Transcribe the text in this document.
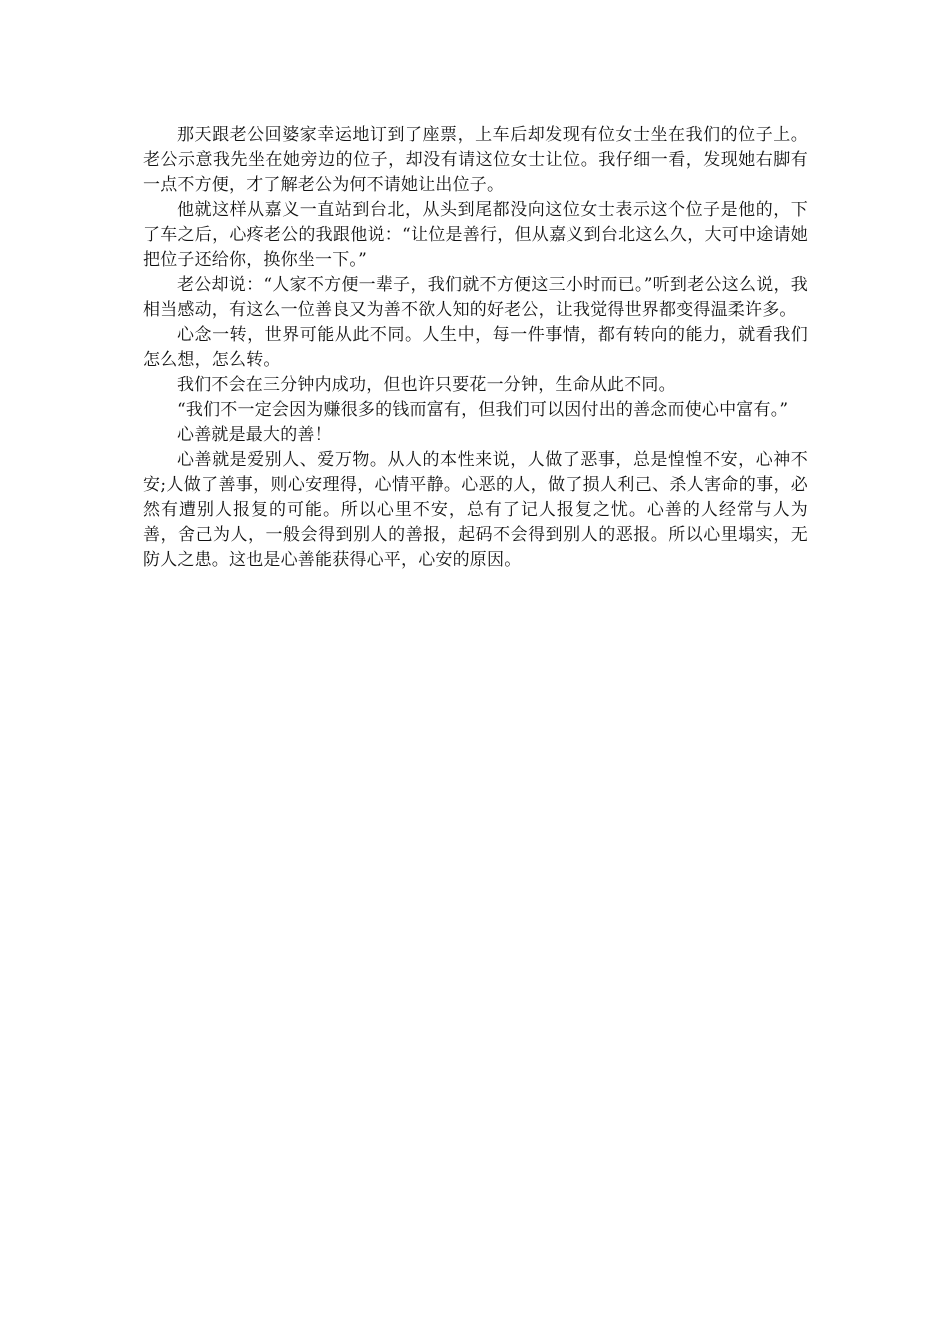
那天跟老公回婆家幸运地订到了座票，上车后却发现有位女士坐在我们的位子上。老公示意我先坐在她旁边的位子，却没有请这位女士让位。我仔细一看，发现她右脚有一点不方便，才了解老公为何不请她让出位子。

他就这样从嘉义一直站到台北，从头到尾都没向这位女士表示这个位子是他的，下了车之后，心疼老公的我跟他说：“让位是善行，但从嘉义到台北这么久，大可中途请她把位子还给你，换你坐一下。”

老公却说：“人家不方便一辈子，我们就不方便这三小时而已。”听到老公这么说，我相当感动，有这么一位善良又为善不欲人知的好老公，让我觉得世界都变得温柔许多。

心念一转，世界可能从此不同。人生中，每一件事情，都有转向的能力，就看我们怎么想，怎么转。

我们不会在三分钟内成功，但也许只要花一分钟，生命从此不同。

“我们不一定会因为赚很多的钱而富有，但我们可以因付出的善念而使心中富有。”

心善就是最大的善！

心善就是爱别人、爱万物。从人的本性来说，人做了恶事，总是惶惶不安，心神不安;人做了善事，则心安理得，心情平静。心恶的人，做了损人利己、杀人害命的事，必然有遭别人报复的可能。所以心里不安，总有了记人报复之忧。心善的人经常与人为善，舍己为人，一般会得到别人的善报，起码不会得到别人的恶报。所以心里塌实，无防人之患。这也是心善能获得心平，心安的原因。
